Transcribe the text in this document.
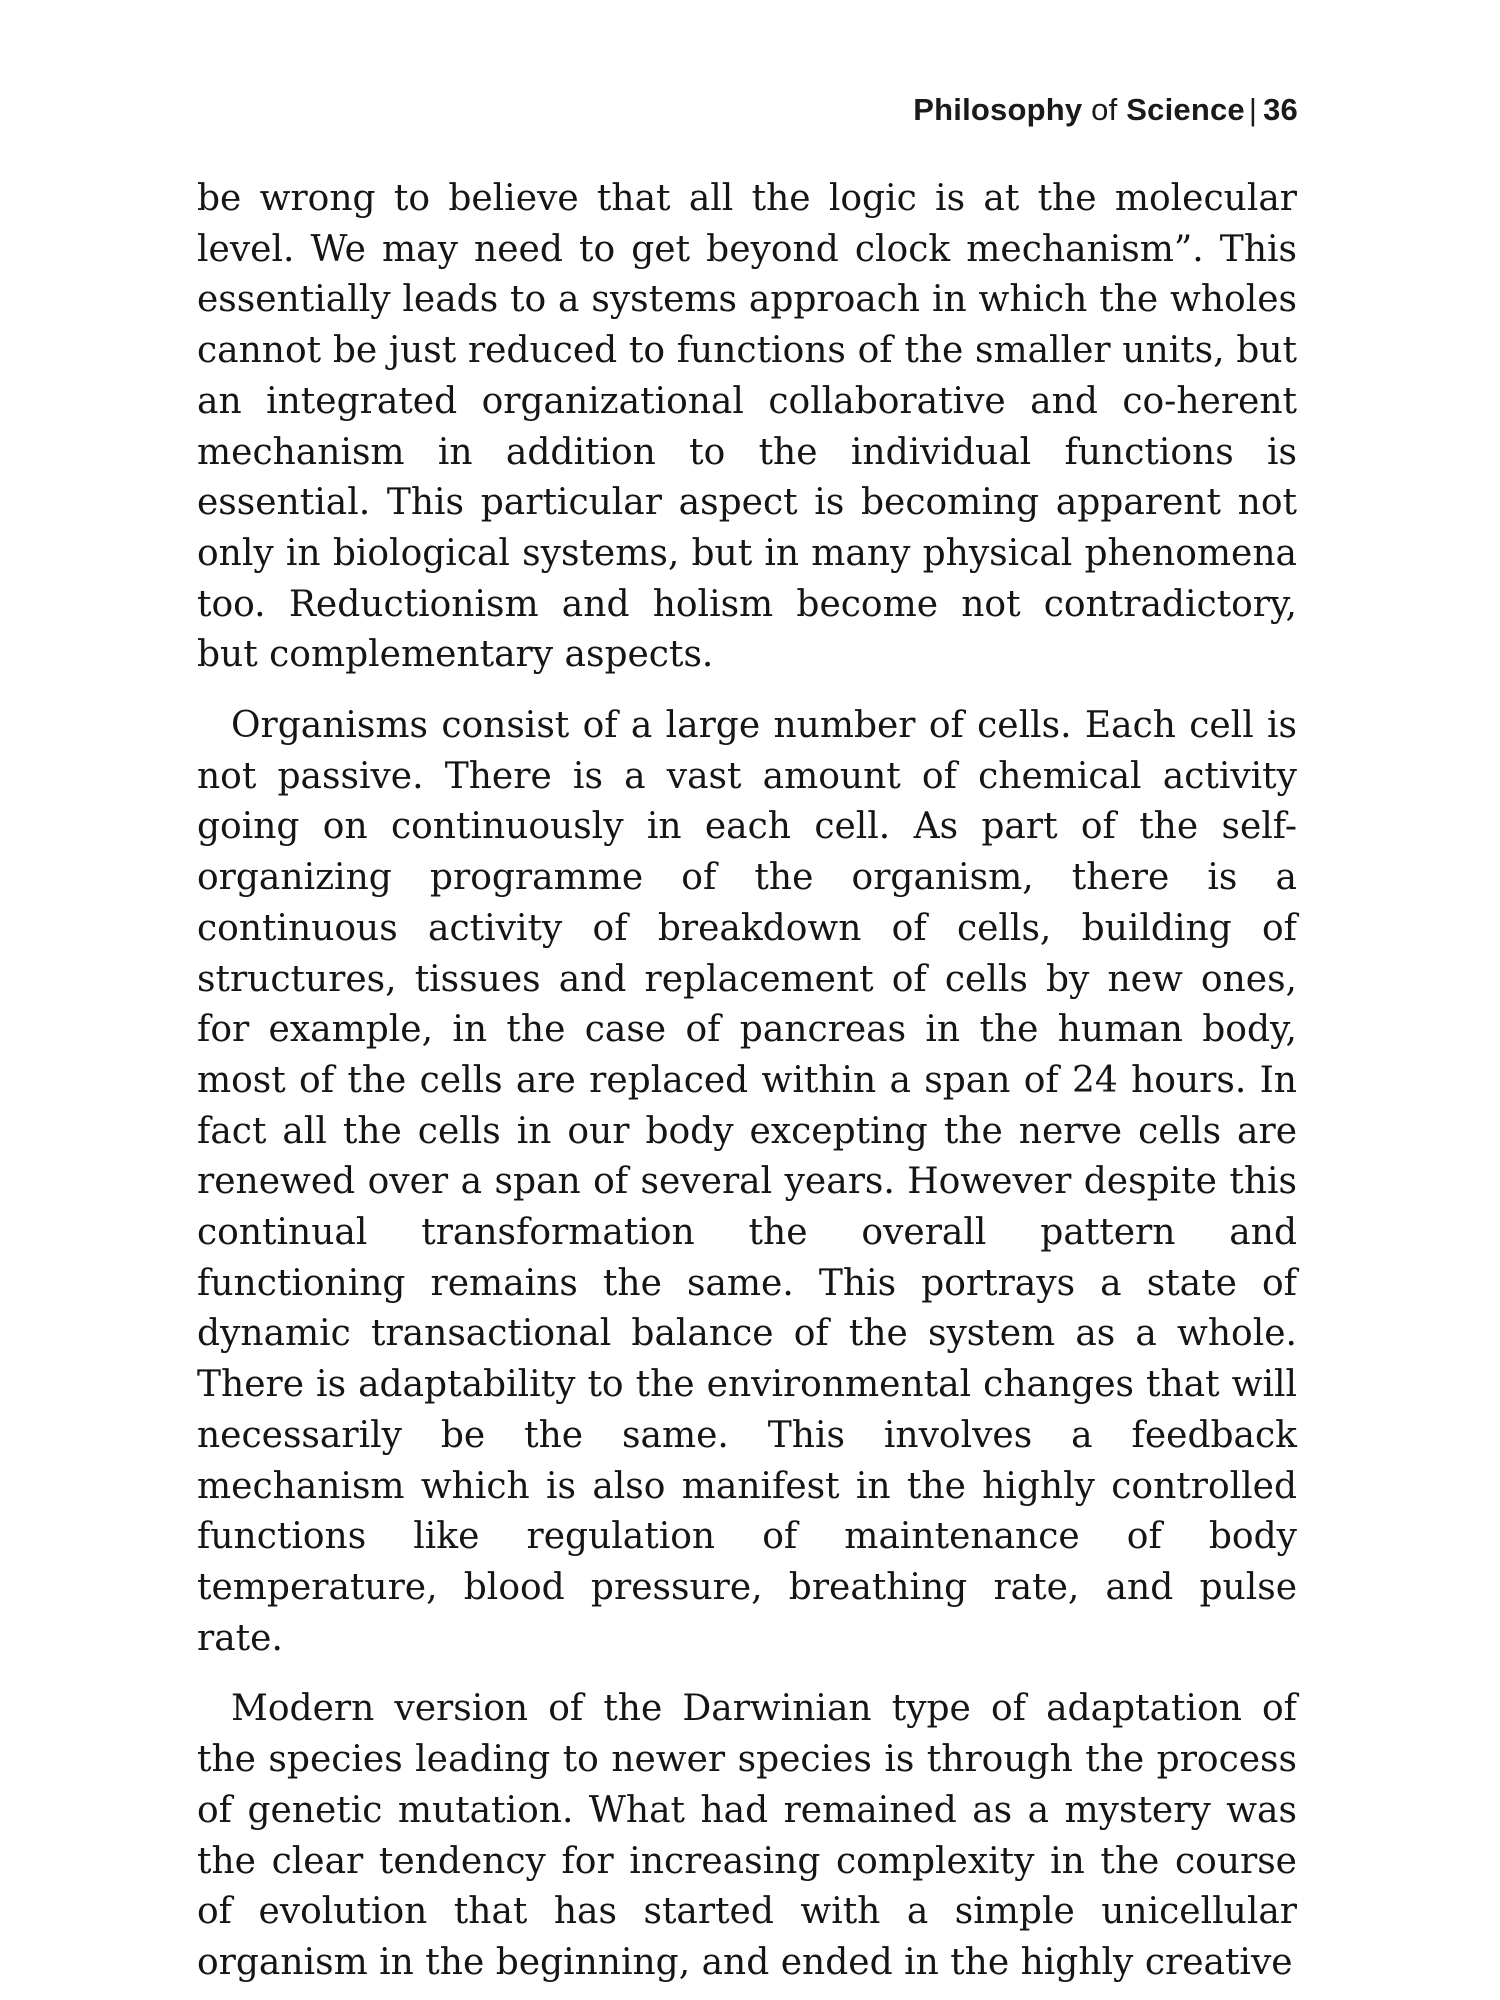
Philosophy of Science | 36

be wrong to believe that all the logic is at the molecular level. We may need to get beyond clock mechanism”. This essentially leads to a systems approach in which the wholes cannot be just reduced to functions of the smaller units, but an integrated organizational collaborative and co-herent mechanism in addition to the individual functions is essential. This particular aspect is becoming apparent not only in biological systems, but in many physical phenomena too. Reductionism and holism become not contradictory, but complementary aspects.

Organisms consist of a large number of cells. Each cell is not passive. There is a vast amount of chemical activity going on continuously in each cell. As part of the self-organizing programme of the organism, there is a continuous activity of breakdown of cells, building of structures, tissues and replacement of cells by new ones, for example, in the case of pancreas in the human body, most of the cells are replaced within a span of 24 hours. In fact all the cells in our body excepting the nerve cells are renewed over a span of several years. However despite this continual transformation the overall pattern and functioning remains the same. This portrays a state of dynamic transactional balance of the system as a whole. There is adaptability to the environmental changes that will necessarily be the same. This involves a feedback mechanism which is also manifest in the highly controlled functions like regulation of maintenance of body temperature, blood pressure, breathing rate, and pulse rate.

Modern version of the Darwinian type of adaptation of the species leading to newer species is through the process of genetic mutation. What had remained as a mystery was the clear tendency for increasing complexity in the course of evolution that has started with a simple unicellular organism in the beginning, and ended in the highly creative
